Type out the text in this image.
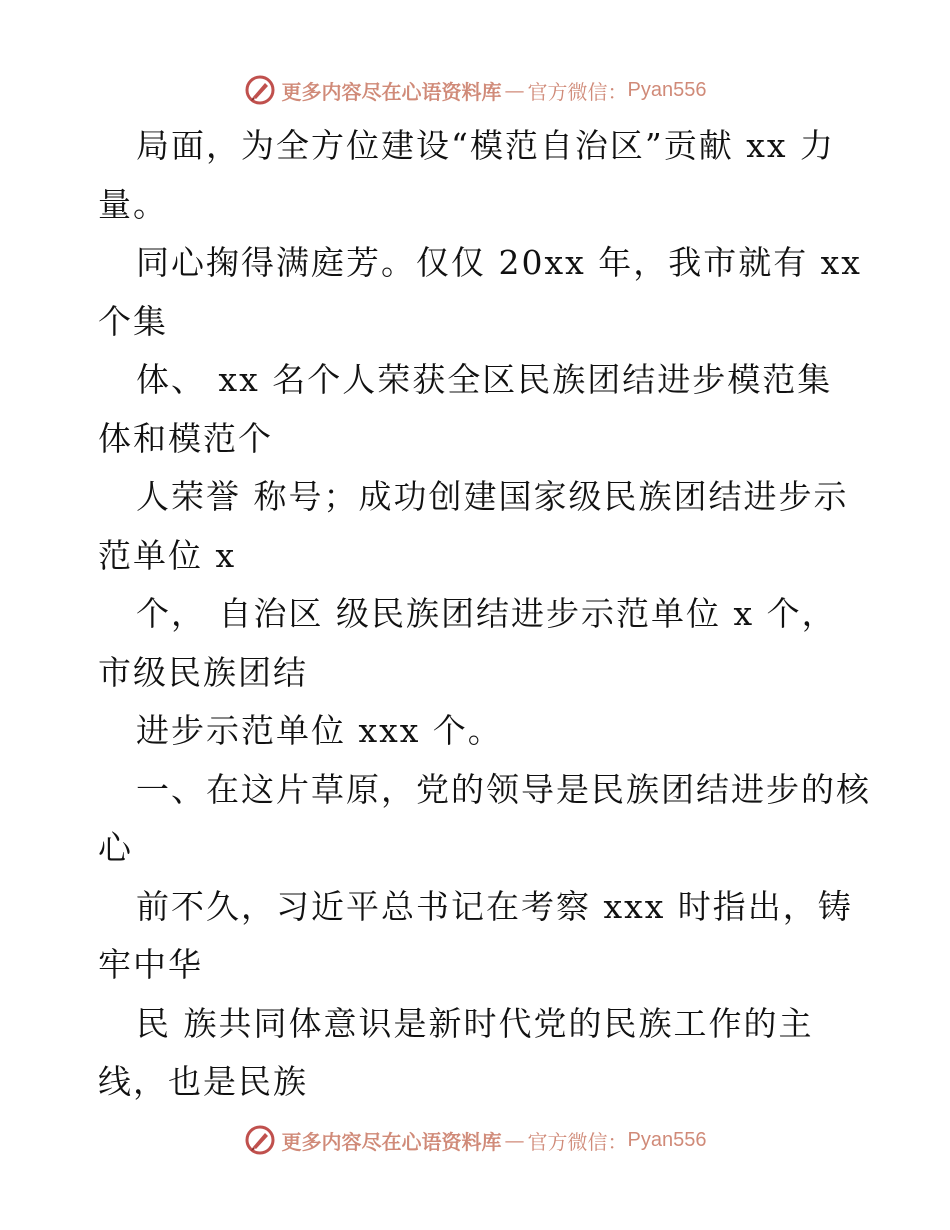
更多内容尽在心语资料库 — 官方微信： Pyan556
局面，为全方位建设“模范自治区”贡献 xx 力
量。
同心掬得满庭芳。仅仅 20xx 年，我市就有 xx
个集
体、 xx 名个人荣获全区民族团结进步模范集
体和模范个
人荣誉 称号；成功创建国家级民族团结进步示
范单位 x
个， 自治区 级民族团结进步示范单位 x 个，
市级民族团结
进步示范单位 xxx 个。
一、在这片草原，党的领导是民族团结进步的核
心
前不久，习近平总书记在考察 xxx 时指出，铸
牢中华
民 族共同体意识是新时代党的民族工作的主
线，也是民族
更多内容尽在心语资料库 — 官方微信： Pyan556
